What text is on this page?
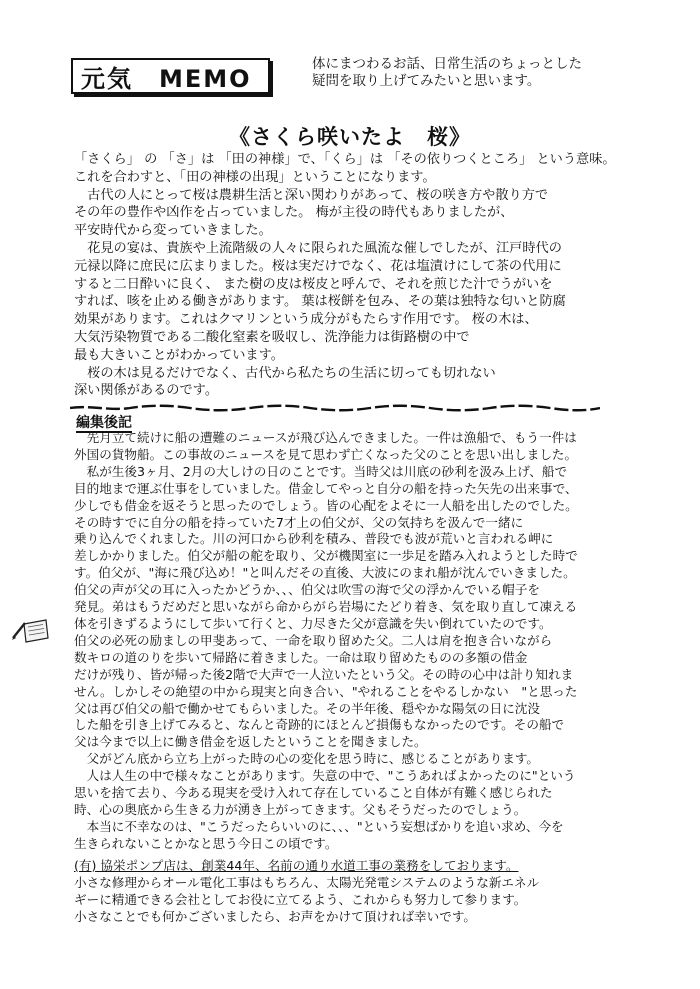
元気　MEMO
体にまつわるお話、日常生活のちょっとした
疑問を取り上げてみたいと思います。
《さくら咲いたよ　桜》
「さくら」 の 「さ」は 「田の神様」で、「くら」は 「その依りつくところ」 という意味。
これを合わすと、「田の神様の出現」ということになります。
　古代の人にとって桜は農耕生活と深い関わりがあって、桜の咲き方や散り方で
その年の豊作や凶作を占っていました。 梅が主役の時代もありましたが、
平安時代から変っていきました。
　花見の宴は、貴族や上流階級の人々に限られた風流な催しでしたが、江戸時代の
元禄以降に庶民に広まりました。桜は実だけでなく、花は塩漬けにして茶の代用に
すると二日酔いに良く、 また樹の皮は桜皮と呼んで、それを煎じた汁でうがいを
すれば、咳を止める働きがあります。 葉は桜餅を包み、その葉は独特な匂いと防腐
効果があります。これはクマリンという成分がもたらす作用です。 桜の木は、
大気汚染物質である二酸化窒素を吸収し、洗浄能力は街路樹の中で
最も大きいことがわかっています。
　桜の木は見るだけでなく、古代から私たちの生活に切っても切れない
深い関係があるのです。
編集後記
　先月立て続けに船の遭難のニュースが飛び込んできました。一件は漁船で、もう一件は
外国の貨物船。この事故のニュースを見て思わず亡くなった父のことを思い出しました。
　私が生後3ヶ月、2月の大しけの日のことです。当時父は川底の砂利を汲み上げ、船で
目的地まで運ぶ仕事をしていました。借金してやっと自分の船を持った矢先の出来事で、
少しでも借金を返そうと思ったのでしょう。皆の心配をよそに一人船を出したのでした。
その時すでに自分の船を持っていた7才上の伯父が、父の気持ちを汲んで一緒に
乗り込んでくれました。川の河口から砂利を積み、普段でも波が荒いと言われる岬に
差しかかりました。伯父が船の舵を取り、父が機関室に一歩足を踏み入れようとした時で
す。伯父が、"海に飛び込め！"と叫んだその直後、大波にのまれ船が沈んでいきました。
伯父の声が父の耳に入ったかどうか、、、伯父は吹雪の海で父の浮かんでいる帽子を
発見。弟はもうだめだと思いながら命からがら岩場にたどり着き、気を取り直して凍える
体を引きずるようにして歩いて行くと、力尽きた父が意識を失い倒れていたのです。
伯父の必死の励ましの甲斐あって、一命を取り留めた父。二人は肩を抱き合いながら
数キロの道のりを歩いて帰路に着きました。一命は取り留めたものの多額の借金
だけが残り、皆が帰った後2階で大声で一人泣いたという父。その時の心中は計り知れま
せん。しかしその絶望の中から現実と向き合い、"やれることをやるしかない　"と思った
父は再び伯父の船で働かせてもらいました。その半年後、穏やかな陽気の日に沈没
した船を引き上げてみると、なんと奇跡的にほとんど損傷もなかったのです。その船で
父は今まで以上に働き借金を返したということを聞きました。
　父がどん底から立ち上がった時の心の変化を思う時に、感じることがあります。
　人は人生の中で様々なことがあります。失意の中で、"こうあればよかったのに"という
思いを捨て去り、今ある現実を受け入れて存在していること自体が有難く感じられた
時、心の奥底から生きる力が湧き上がってきます。父もそうだったのでしょう。
　本当に不幸なのは、"こうだったらいいのに、、、"という妄想ばかりを追い求め、今を
生きられないことかなと思う今日この頃です。
(有) 協栄ポンプ店は、創業44年、名前の通り水道工事の業務をしております。
小さな修理からオール電化工事はもちろん、太陽光発電システムのような新エネル
ギーに精通できる会社としてお役に立てるよう、これからも努力して参ります。
小さなことでも何かございましたら、お声をかけて頂ければ幸いです。
